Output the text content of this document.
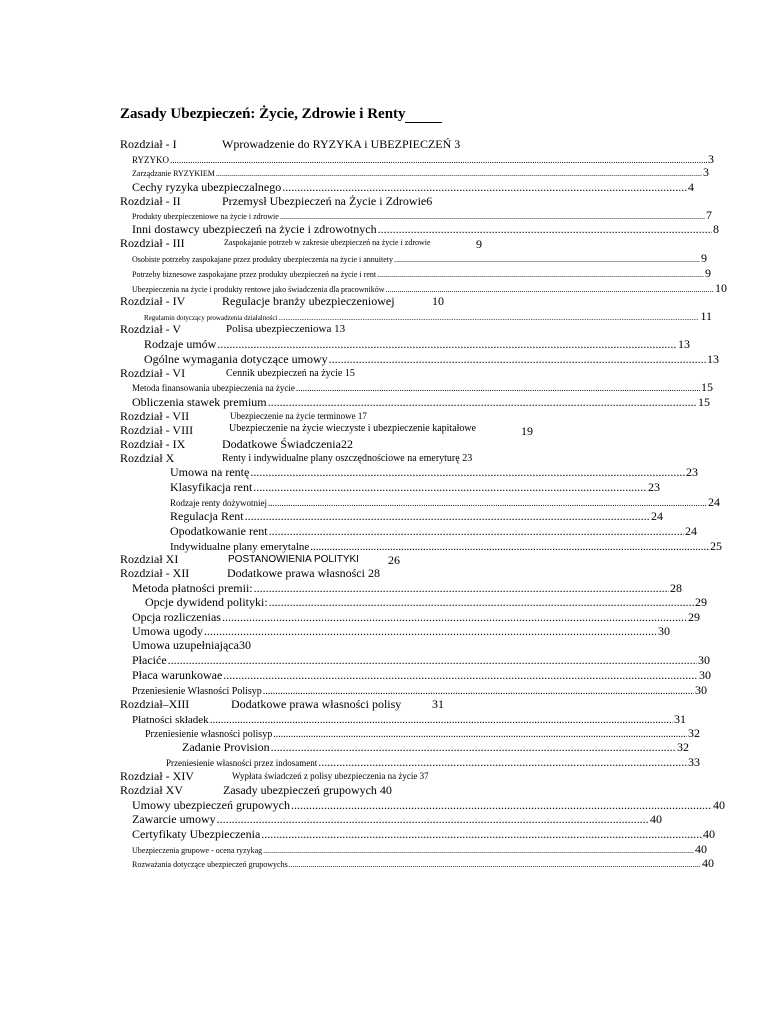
Zasady Ubezpieczeń: Życie, Zdrowie i Renty
Rozdział - I	Wprowadzenie do RYZYKA i UBEZPIECZEŃ 3
RYZYKO .....	3
Zarządzanie RYZYKIEM .....	3
Cechy ryzyka ubezpieczalnego .....	4
Rozdział - II	Przemysł Ubezpieczeń na Życie i Zdrowie6
Produkty ubezpieczeniowe na życie i zdrowie .....	7
Inni dostawcy ubezpieczeń na życie i zdrowotnych .....	8
Rozdział - III	Zaspokajanie potrzeb w zakresie ubezpieczeń na życie i zdrowie	9
Osobiste potrzeby zaspokajane przez produkty ubezpieczenia na życie i annuitety .....	9
Potrzeby biznesowe zaspokajane przez produkty ubezpieczeń na życie i rent .....	9
Ubezpieczenia na życie i produkty rentowe jako świadczenia dla pracowników .....	10
Rozdział - IV	Regulacje branży ubezpieczeniowej	10
Regulamin dotyczący prowadzenia działalności .....	11
Rozdział - V	Polisa ubezpieczeniowa 13
Rodzaje umów .....	13
Ogólne wymagania dotyczące umowy .....	13
Rozdział - VI	Cennik ubezpieczeń na życie 15
Metoda finansowania ubezpieczenia na życie .....	15
Obliczenia stawek premium .....	15
Rozdział - VII	Ubezpieczenie na życie terminowe 17
Rozdział - VIII	Ubezpieczenie na życie wieczyste i ubezpieczenie kapitałowe	19
Rozdział - IX	Dodatkowe Świadczenia22
Rozdział X	Renty i indywidualne plany oszczędnościowe na emeryturę 23
Umowa na rentę .....	23
Klasyfikacja rent .....	23
Rodzaje renty dożywotniej .....	24
Regulacja Rent .....	24
Opodatkowanie rent .....	24
Indywidualne plany emerytalne .....	25
Rozdział XI	POSTANOWIENIA POLITYKI 26
Rozdział - XII	Dodatkowe prawa własności 28
Metoda płatności premii: .....	28
Opcje dywidend polityki: .....	29
Opcja rozliczenias .....	29
Umowa ugody .....	30
Umowa uzupełniająca30
Płaciće .....	30
Płaca warunkowae .....	30
Przeniesienie Własności Polisyp .....	30
Rozdział–XIII	Dodatkowe prawa własności polisy	31
Płatności składek .....	31
Przeniesienie własności polisyp .....	32
Zadanie Provision .....	32
Przeniesienie własności przez indosament .....	33
Rozdział - XIV	Wypłata świadczeń z polisy ubezpieczenia na życie 37
Rozdział XV	Zasady ubezpieczeń grupowych 40
Umowy ubezpieczeń grupowych .....	40
Zawarcie umowy .....	40
Certyfikaty Ubezpieczenia .....	40
Ubezpieczenia grupowe - ocena ryzykag .....	40
Rozważania dotyczące ubezpieczeń grupowychs .....	40
